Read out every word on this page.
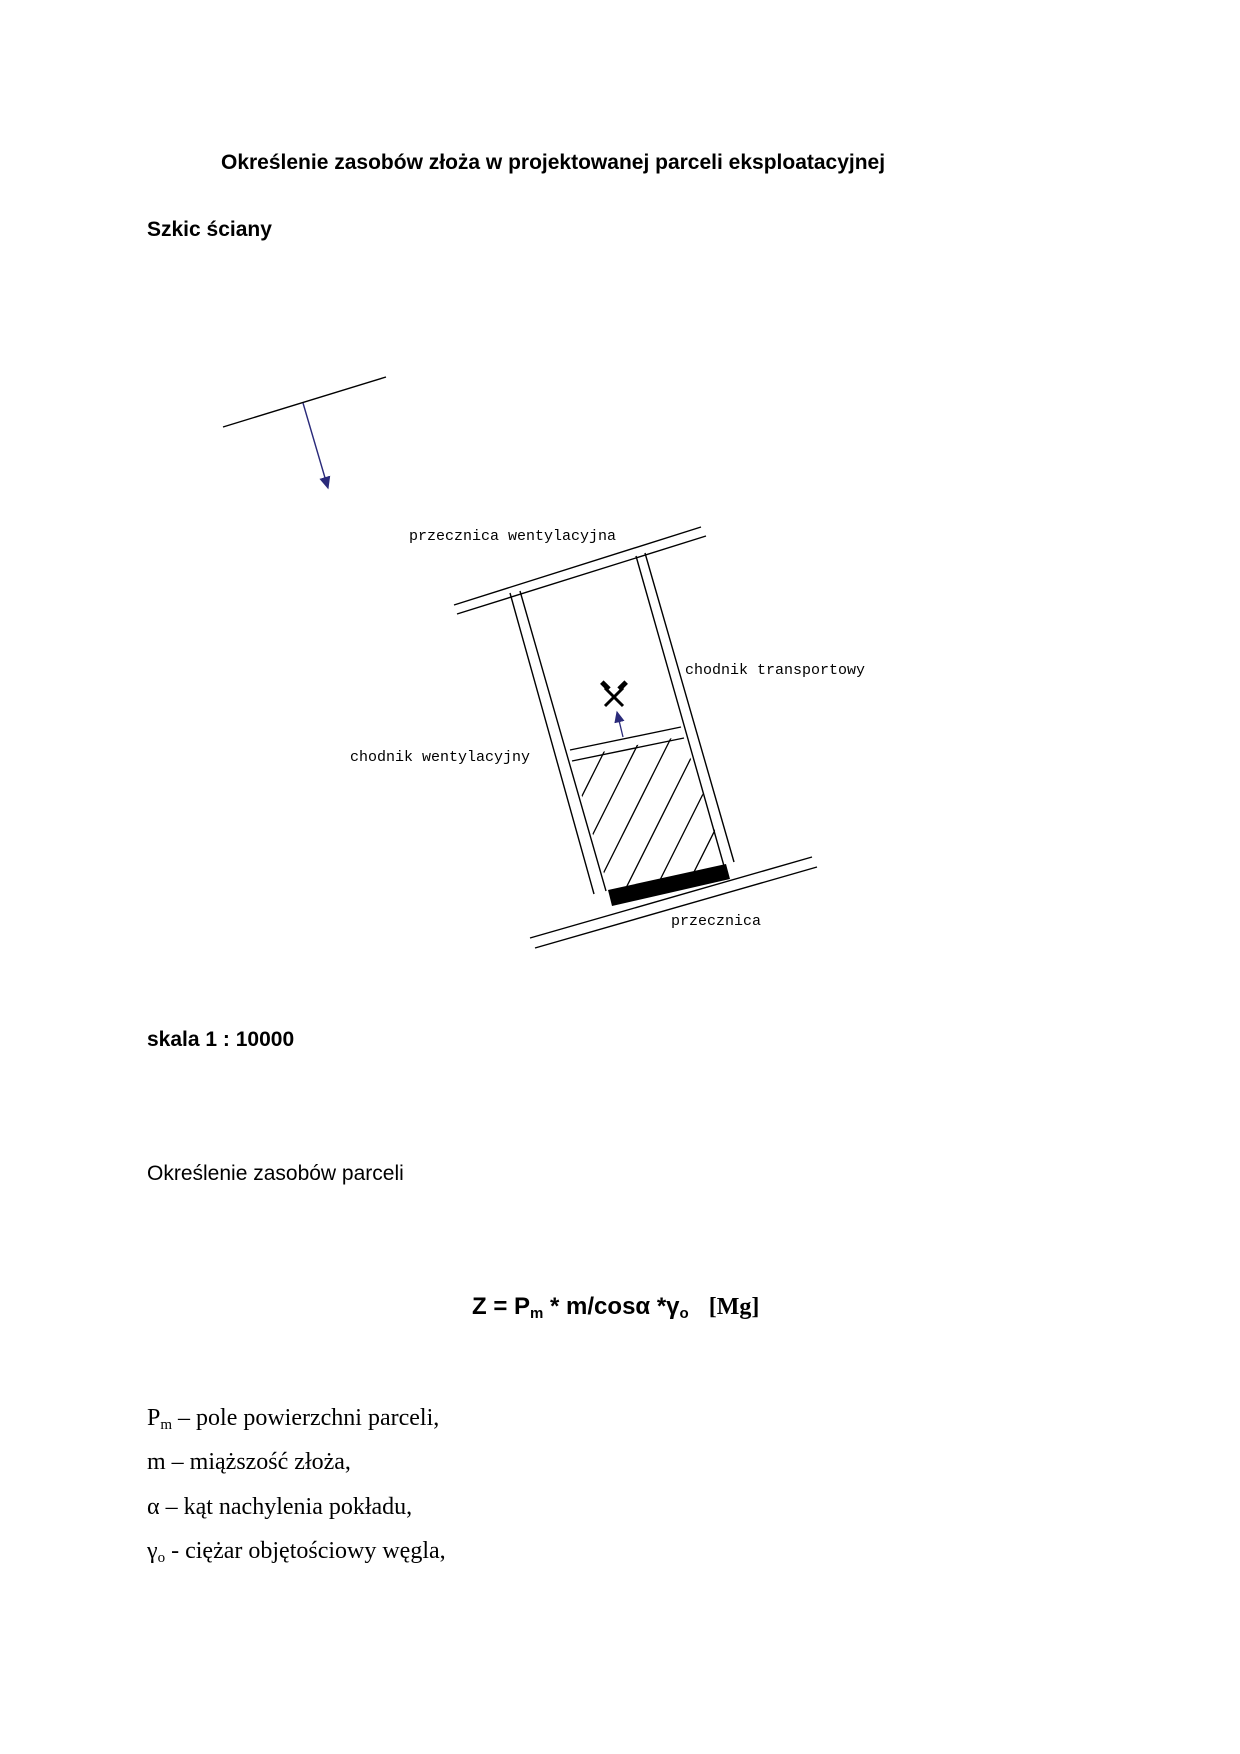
Określenie zasobów złoża w projektowanej parceli eksploatacyjnej
Szkic ściany
przecznica wentylacyjna
chodnik transportowy
chodnik wentylacyjny
przecznica
skala 1 : 10000
Określenie zasobów parceli
$Z = P_m * m/\cos\alpha$ $*\gamma_o$ [Mg]
$P_m$ – pole powierzchni parceli,
m – miąższość złoża,
α – kąt nachylenia pokładu,
$\gamma_o$ - ciężar objętościowy węgla,
